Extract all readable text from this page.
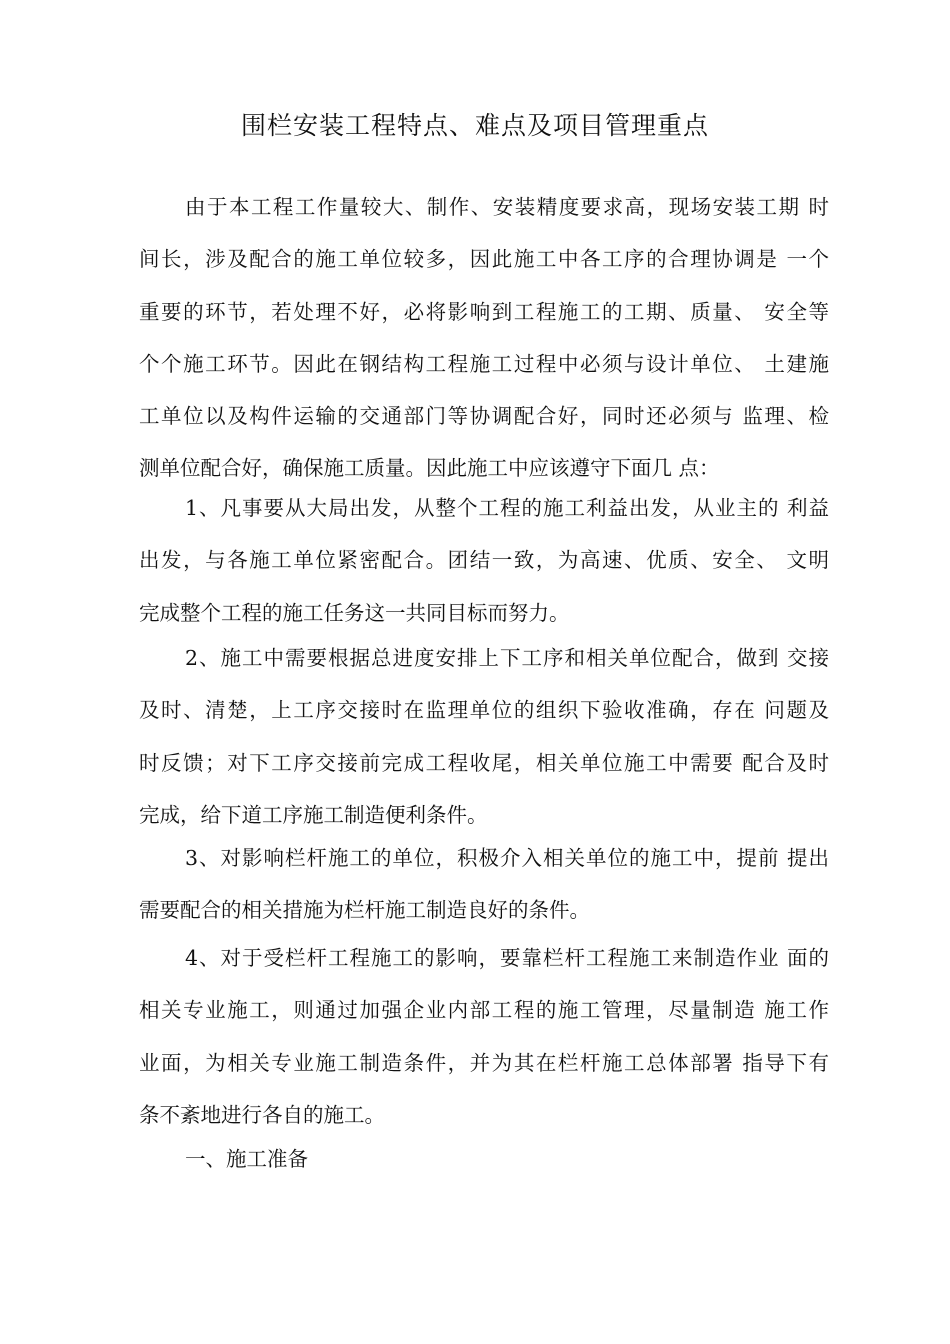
围栏安装工程特点、难点及项目管理重点
由于本工程工作量较大、制作、安装精度要求高，现场安装工期 时
间长，涉及配合的施工单位较多，因此施工中各工序的合理协调是 一个
重要的环节，若处理不好，必将影响到工程施工的工期、质量、 安全等
个个施工环节。因此在钢结构工程施工过程中必须与设计单位、 土建施
工单位以及构件运输的交通部门等协调配合好，同时还必须与 监理、检
测单位配合好，确保施工质量。因此施工中应该遵守下面几 点：
1、凡事要从大局出发，从整个工程的施工利益出发，从业主的 利益
出发，与各施工单位紧密配合。团结一致，为高速、优质、安全、 文明
完成整个工程的施工任务这一共同目标而努力。
2、施工中需要根据总进度安排上下工序和相关单位配合，做到 交接
及时、清楚，上工序交接时在监理单位的组织下验收准确，存在 问题及
时反馈；对下工序交接前完成工程收尾，相关单位施工中需要 配合及时
完成，给下道工序施工制造便利条件。
3、对影响栏杆施工的单位，积极介入相关单位的施工中，提前 提出
需要配合的相关措施为栏杆施工制造良好的条件。
4、对于受栏杆工程施工的影响，要靠栏杆工程施工来制造作业 面的
相关专业施工，则通过加强企业内部工程的施工管理，尽量制造 施工作
业面，为相关专业施工制造条件，并为其在栏杆施工总体部署 指导下有
条不紊地进行各自的施工。
一、施工准备
